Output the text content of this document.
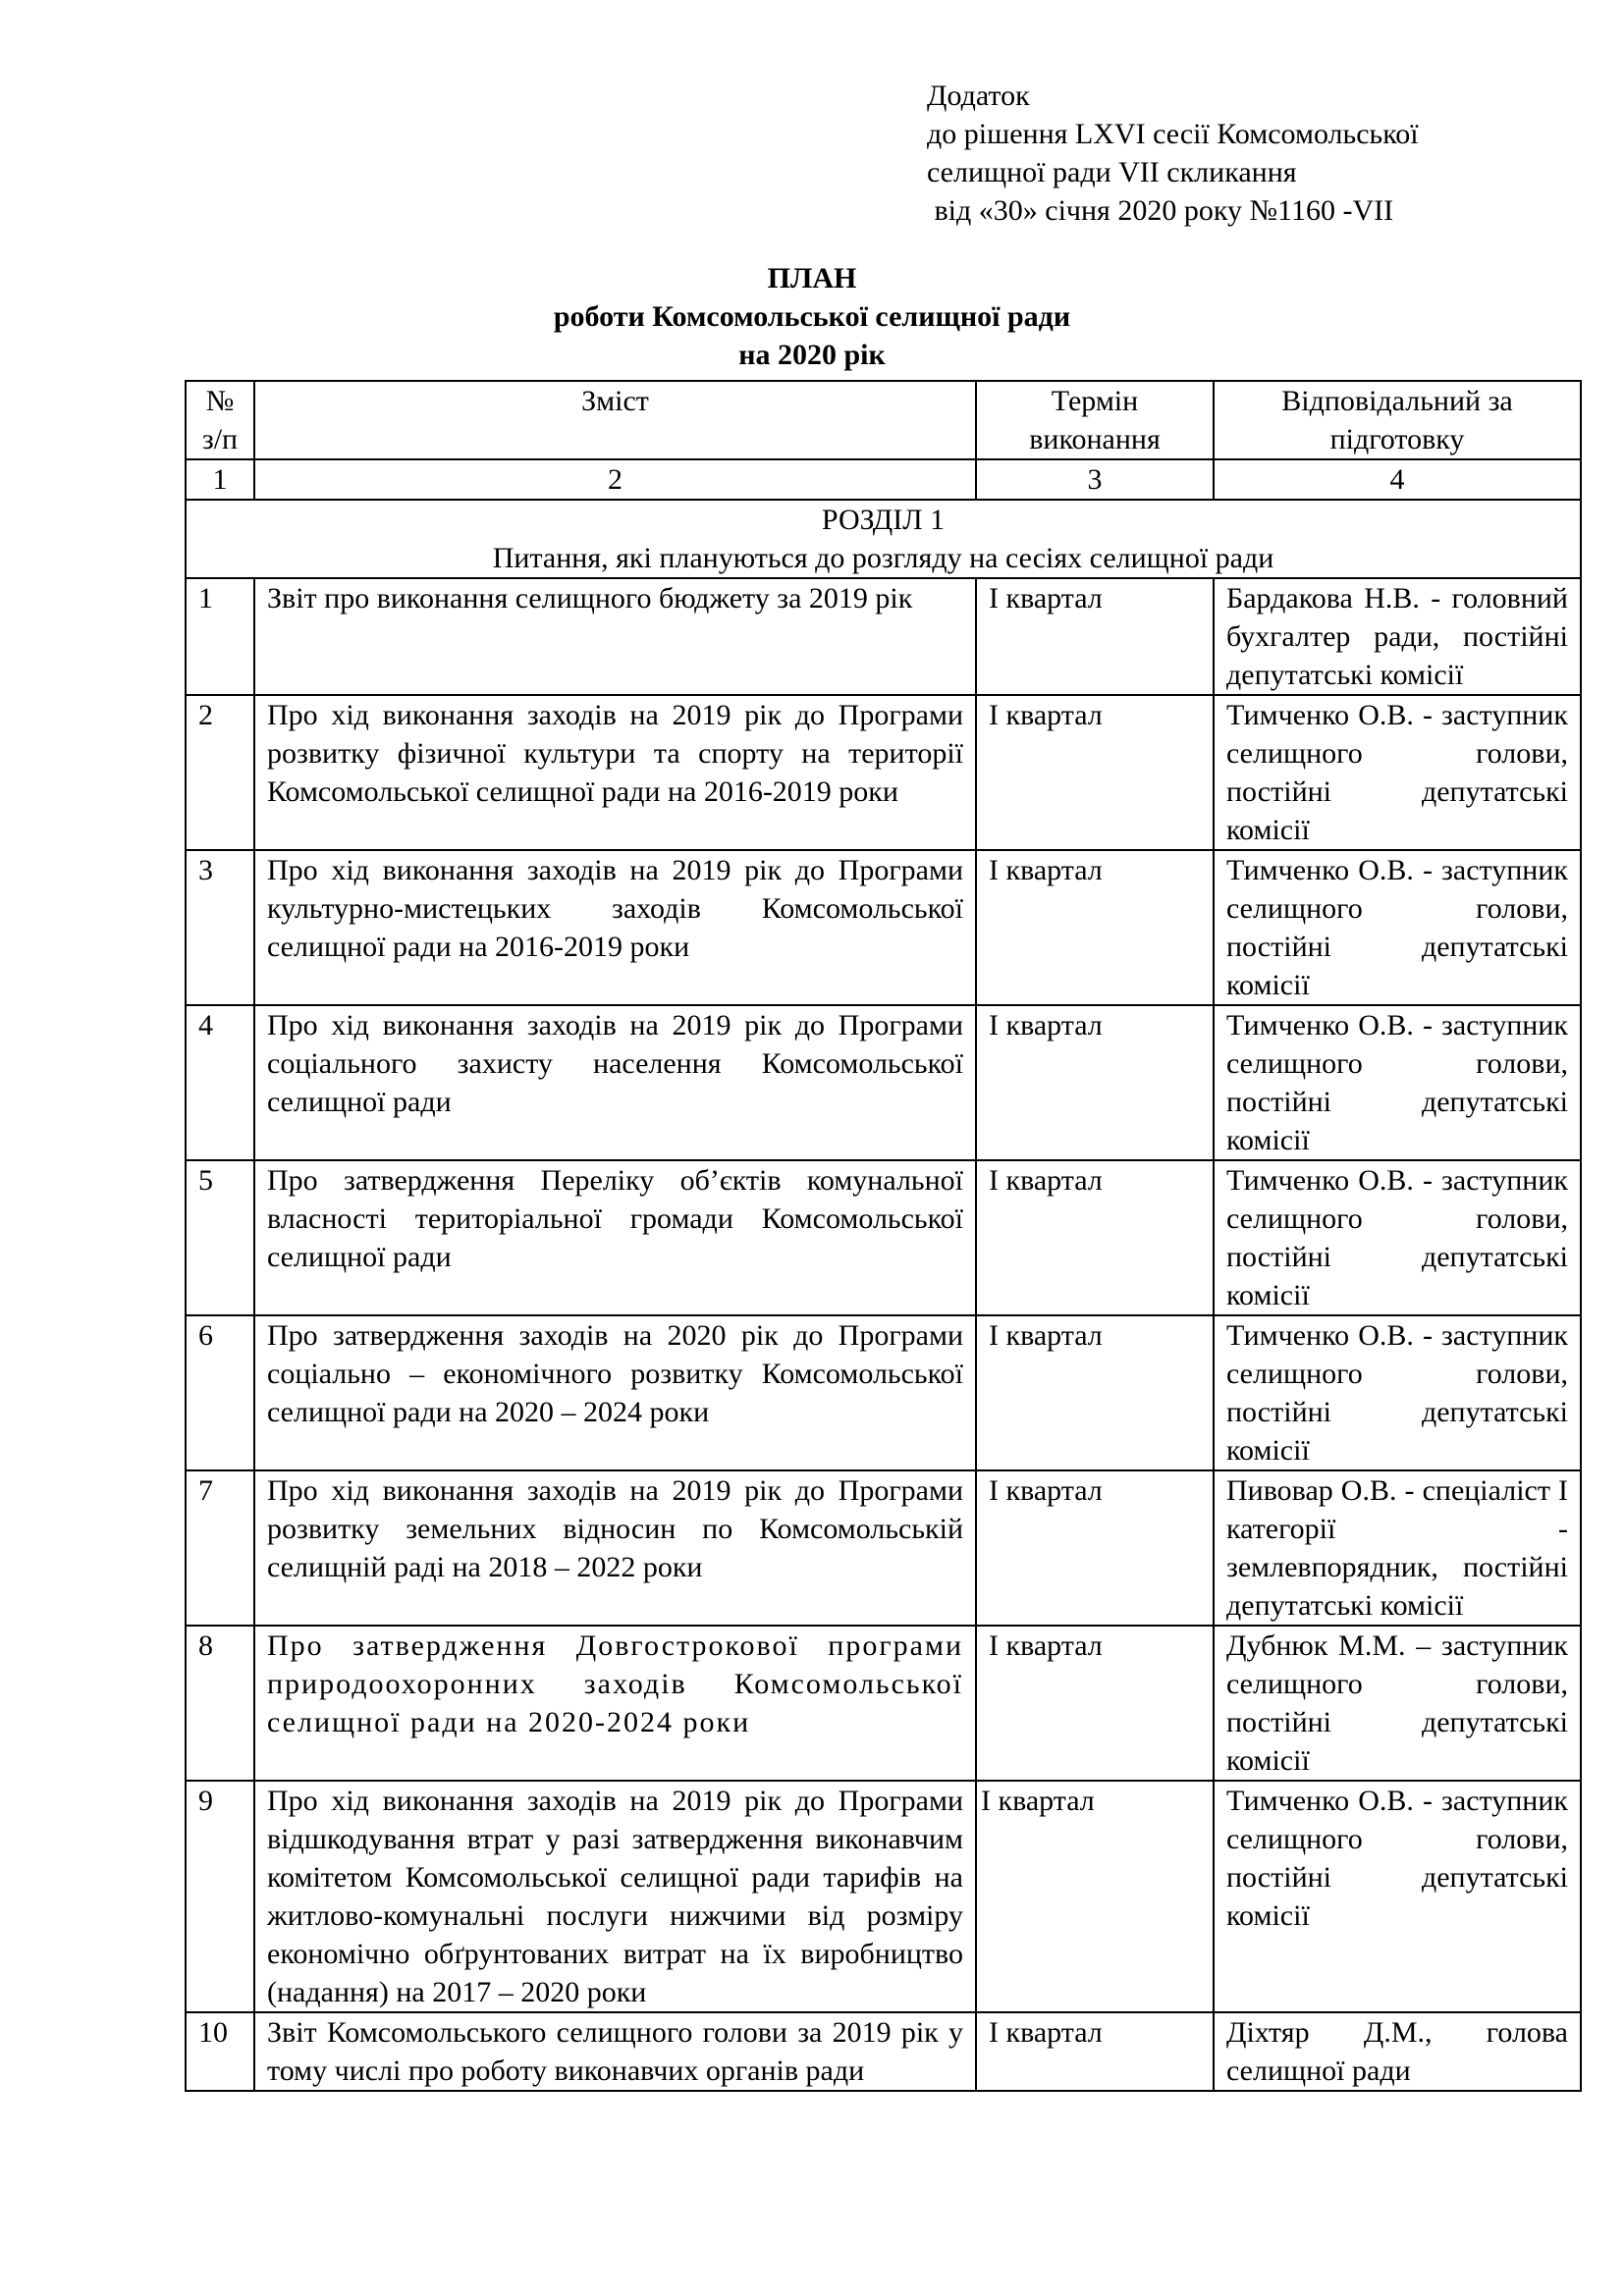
Додаток
до рішення LXVI сесії Комсомольської
селищної ради VII скликання
від «30» січня 2020 року №1160 -VII
ПЛАН
роботи Комсомольської селищної ради
на 2020 рік
№ з/п	Зміст	Термін виконання	Відповідальний за підготовку
1	2	3	4

РОЗДІЛ 1
Питання, які плануються до розгляду на сесіях селищної ради			

1	Звіт про виконання селищного бюджету за 2019 рік	І квартал	Бардакова Н.В. - головний бухгалтер ради, постійні депутатські комісії
2	Про хід виконання заходів на 2019 рік до Програми розвитку фізичної культури та спорту на території Комсомольської селищної ради на 2016-2019 роки	І квартал	Тимченко О.В. - заступник селищного голови, постійні депутатські комісії
3	Про хід виконання заходів на 2019 рік до Програми культурно-мистецьких заходів Комсомольської селищної ради на 2016-2019 роки	І квартал	Тимченко О.В. - заступник селищного голови, постійні депутатські комісії
4	Про хід виконання заходів на 2019 рік до Програми соціального захисту населення Комсомольської селищної ради	І квартал	Тимченко О.В. - заступник селищного голови, постійні депутатські комісії
5	Про затвердження Переліку об’єктів комунальної власності територіальної громади Комсомольської селищної ради	І квартал	Тимченко О.В. - заступник селищного голови, постійні депутатські комісії
6	Про затвердження заходів на 2020 рік до Програми соціально – економічного розвитку Комсомольської селищної ради на 2020 – 2024 роки	І квартал	Тимченко О.В. - заступник селищного голови, постійні депутатські комісії
7	Про хід виконання заходів на 2019 рік до Програми розвитку земельних відносин по Комсомольській селищній раді на 2018 – 2022 роки	І квартал	Пивовар О.В. - спеціаліст І категорії - землевпорядник, постійні депутатські комісії
8	Про затвердження Довгострокової програми природоохоронних заходів Комсомольської селищної ради на 2020-2024 роки	І квартал	Дубнюк М.М. – заступник селищного голови, постійні депутатські комісії
9	Про хід виконання заходів на 2019 рік до Програми відшкодування втрат у разі затвердження виконавчим комітетом Комсомольської селищної ради тарифів на житлово-комунальні послуги нижчими від розміру економічно обґрунтованих витрат на їх виробництво (надання) на 2017 – 2020 роки	І квартал	Тимченко О.В. - заступник селищного голови, постійні депутатські комісії
10	Звіт Комсомольського селищного голови за 2019 рік у тому числі про роботу виконавчих органів ради	І квартал	Діхтяр Д.М., голова селищної ради
